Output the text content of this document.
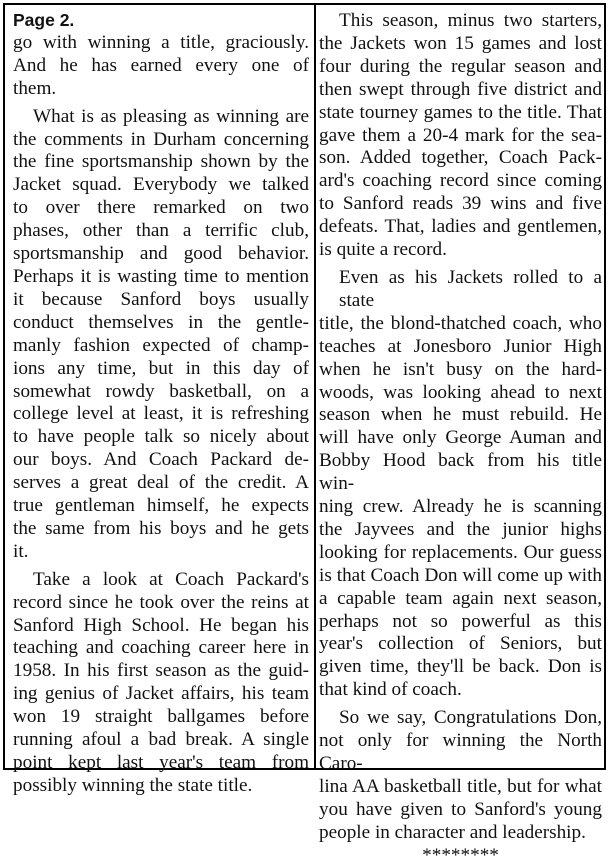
Page 2.
go with winning a title, graciously.
And he has earned every one of
them.
What is as pleasing as winning are
the comments in Durham concerning
the fine sportsmanship shown by the
Jacket squad. Everybody we talked
to over there remarked on two
phases, other than a terrific club,
sportsmanship and good behavior.
Perhaps it is wasting time to mention
it because Sanford boys usually
conduct themselves in the gentle-
manly fashion expected of champ-
ions any time, but in this day of
somewhat rowdy basketball, on a
college level at least, it is refreshing
to have people talk so nicely about
our boys. And Coach Packard de-
serves a great deal of the credit. A
true gentleman himself, he expects
the same from his boys and he gets
it.
Take a look at Coach Packard's
record since he took over the reins at
Sanford High School. He began his
teaching and coaching career here in
1958. In his first season as the guid-
ing genius of Jacket affairs, his team
won 19 straight ballgames before
running afoul a bad break. A single
point kept last year's team from
possibly winning the state title.
This season, minus two starters,
the Jackets won 15 games and lost
four during the regular season and
then swept through five district and
state tourney games to the title. That
gave them a 20-4 mark for the sea-
son. Added together, Coach Pack-
ard's coaching record since coming
to Sanford reads 39 wins and five
defeats. That, ladies and gentlemen,
is quite a record.
Even as his Jackets rolled to a state
title, the blond-thatched coach, who
teaches at Jonesboro Junior High
when he isn't busy on the hard-
woods, was looking ahead to next
season when he must rebuild. He
will have only George Auman and
Bobby Hood back from his title win-
ning crew. Already he is scanning
the Jayvees and the junior highs
looking for replacements. Our guess
is that Coach Don will come up with
a capable team again next season,
perhaps not so powerful as this
year's collection of Seniors, but
given time, they'll be back. Don is
that kind of coach.
So we say, Congratulations Don,
not only for winning the North Caro-
lina AA basketball title, but for what
you have given to Sanford's young
people in character and leadership.
********
